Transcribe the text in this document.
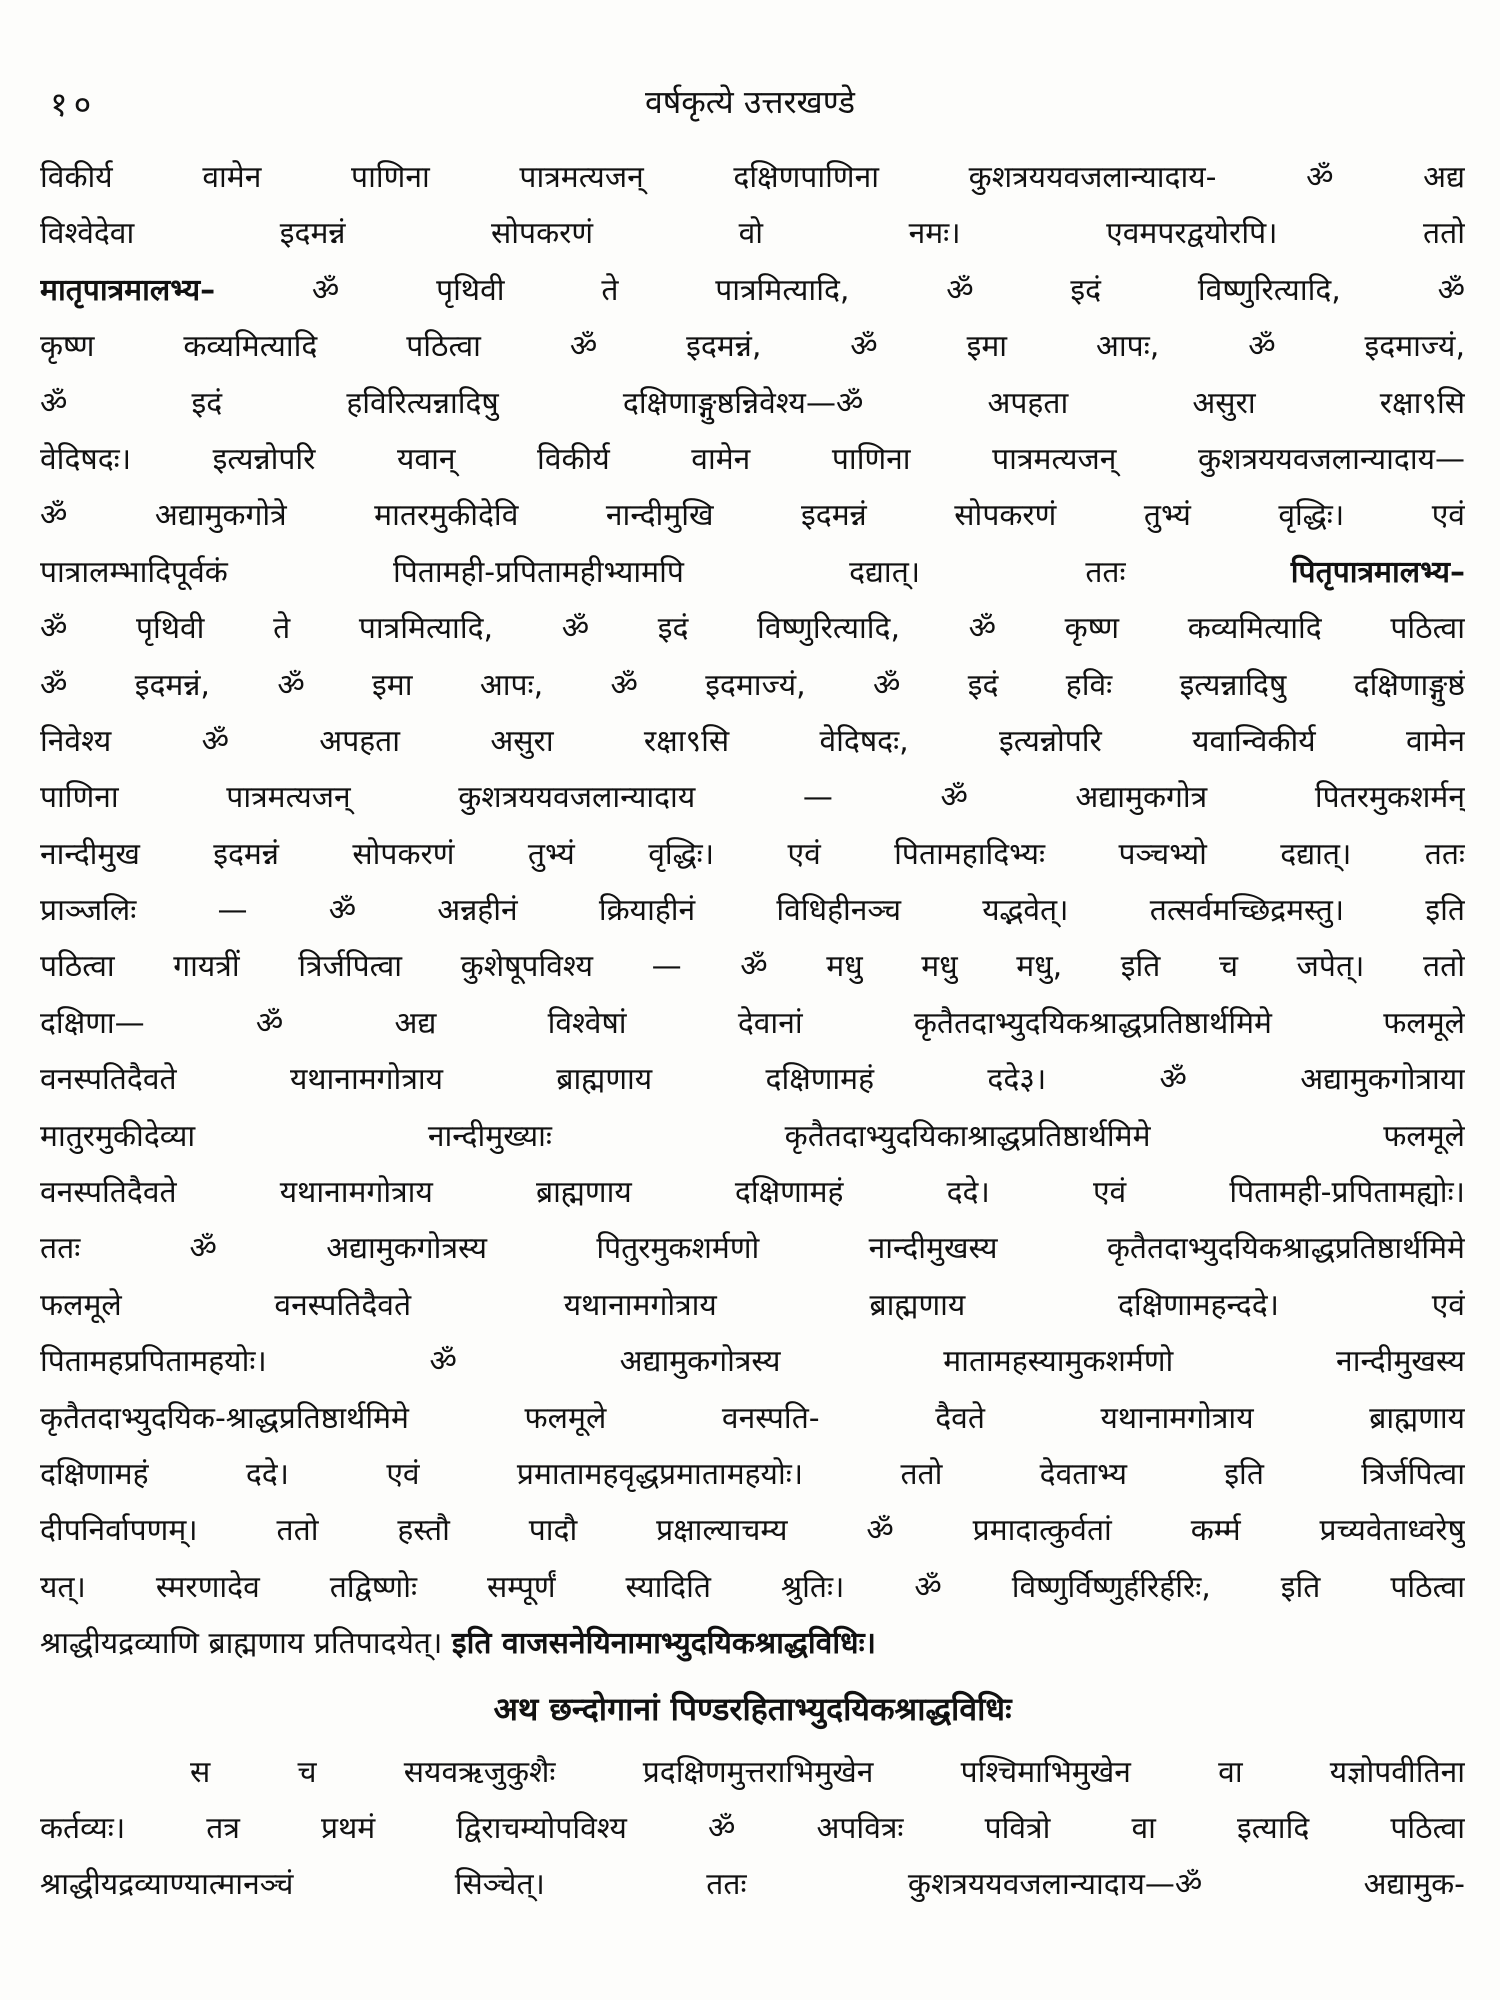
१०	वर्षकृत्ये उत्तरखण्डे
विकीर्य वामेन पाणिना पात्रमत्यजन् दक्षिणपाणिना कुशत्रययवजलान्यादाय- ॐ अद्य
विश्वेदेवा इदमन्नं सोपकरणं वो नमः। एवमपरद्वयोरपि। ततो
मातृपात्रमालभ्य– ॐ पृथिवी ते पात्रमित्यादि, ॐ इदं विष्णुरित्यादि, ॐ
कृष्ण कव्यमित्यादि पठित्वा ॐ इदमन्नं, ॐ इमा आपः, ॐ इदमाज्यं,
ॐ इदं हविरित्यन्नादिषु दक्षिणाङ्गुष्ठन्निवेश्य—ॐ अपहता असुरा रक्षा९सि
वेदिषदः। इत्यन्नोपरि यवान् विकीर्य वामेन पाणिना पात्रमत्यजन् कुशत्रययवजलान्यादाय—
ॐ अद्यामुकगोत्रे मातरमुकीदेवि नान्दीमुखि इदमन्नं सोपकरणं तुभ्यं वृद्धिः। एवं
पात्रालम्भादिपूर्वकं पितामही-प्रपितामहीभ्यामपि दद्यात्। ततः पितृपात्रमालभ्य–
ॐ पृथिवी ते पात्रमित्यादि, ॐ इदं विष्णुरित्यादि, ॐ कृष्ण कव्यमित्यादि पठित्वा
ॐ इदमन्नं, ॐ इमा आपः, ॐ इदमाज्यं, ॐ इदं हविः इत्यन्नादिषु दक्षिणाङ्गुष्ठं
निवेश्य ॐ अपहता असुरा रक्षा९सि वेदिषदः, इत्यन्नोपरि यवान्विकीर्य वामेन
पाणिना पात्रमत्यजन् कुशत्रययवजलान्यादाय — ॐ अद्यामुकगोत्र पितरमुकशर्मन्
नान्दीमुख इदमन्नं सोपकरणं तुभ्यं वृद्धिः। एवं पितामहादिभ्यः पञ्चभ्यो दद्यात्। ततः
प्राञ्जलिः — ॐ अन्नहीनं क्रियाहीनं विधिहीनञ्च यद्भवेत्। तत्सर्वमच्छिद्रमस्तु। इति
पठित्वा गायत्रीं त्रिर्जपित्वा कुशेषूपविश्य — ॐ मधु मधु मधु, इति च जपेत्। ततो
दक्षिणा— ॐ अद्य विश्वेषां देवानां कृतैतदाभ्युदयिकश्राद्धप्रतिष्ठार्थमिमे फलमूले
वनस्पतिदैवते यथानामगोत्राय ब्राह्मणाय दक्षिणामहं ददे३। ॐ अद्यामुकगोत्राया
मातुरमुकीदेव्या नान्दीमुख्याः कृतैतदाभ्युदयिकाश्राद्धप्रतिष्ठार्थमिमे फलमूले
वनस्पतिदैवते यथानामगोत्राय ब्राह्मणाय दक्षिणामहं ददे। एवं पितामही-प्रपितामह्योः।
ततः ॐ अद्यामुकगोत्रस्य पितुरमुकशर्मणो नान्दीमुखस्य कृतैतदाभ्युदयिकश्राद्धप्रतिष्ठार्थमिमे
फलमूले वनस्पतिदैवते यथानामगोत्राय ब्राह्मणाय दक्षिणामहन्ददे। एवं
पितामहप्रपितामहयोः। ॐ अद्यामुकगोत्रस्य मातामहस्यामुकशर्मणो नान्दीमुखस्य
कृतैतदाभ्युदयिक-श्राद्धप्रतिष्ठार्थमिमे फलमूले वनस्पति- दैवते यथानामगोत्राय ब्राह्मणाय
दक्षिणामहं ददे। एवं प्रमातामहवृद्धप्रमातामहयोः। ततो देवताभ्य इति त्रिर्जपित्वा
दीपनिर्वापणम्। ततो हस्तौ पादौ प्रक्षाल्याचम्य ॐ प्रमादात्कुर्वतां कर्म्म प्रच्यवेताध्वरेषु
यत्। स्मरणादेव तद्विष्णोः सम्पूर्णं स्यादिति श्रुतिः। ॐ विष्णुर्विष्णुर्हरिर्हरिः, इति पठित्वा
श्राद्धीयद्रव्याणि ब्राह्मणाय प्रतिपादयेत्। इति वाजसनेयिनामाभ्युदयिकश्राद्धविधिः।
अथ छन्दोगानां पिण्डरहिताभ्युदयिकश्राद्धविधिः
स च सयवऋजुकुशैः प्रदक्षिणमुत्तराभिमुखेन पश्चिमाभिमुखेन वा यज्ञोपवीतिना
कर्तव्यः। तत्र प्रथमं द्विराचम्योपविश्य ॐ अपवित्रः पवित्रो वा इत्यादि पठित्वा
श्राद्धीयद्रव्याण्यात्मानञ्चं सिञ्चेत्। ततः कुशत्रययवजलान्यादाय—ॐ अद्यामुक-
